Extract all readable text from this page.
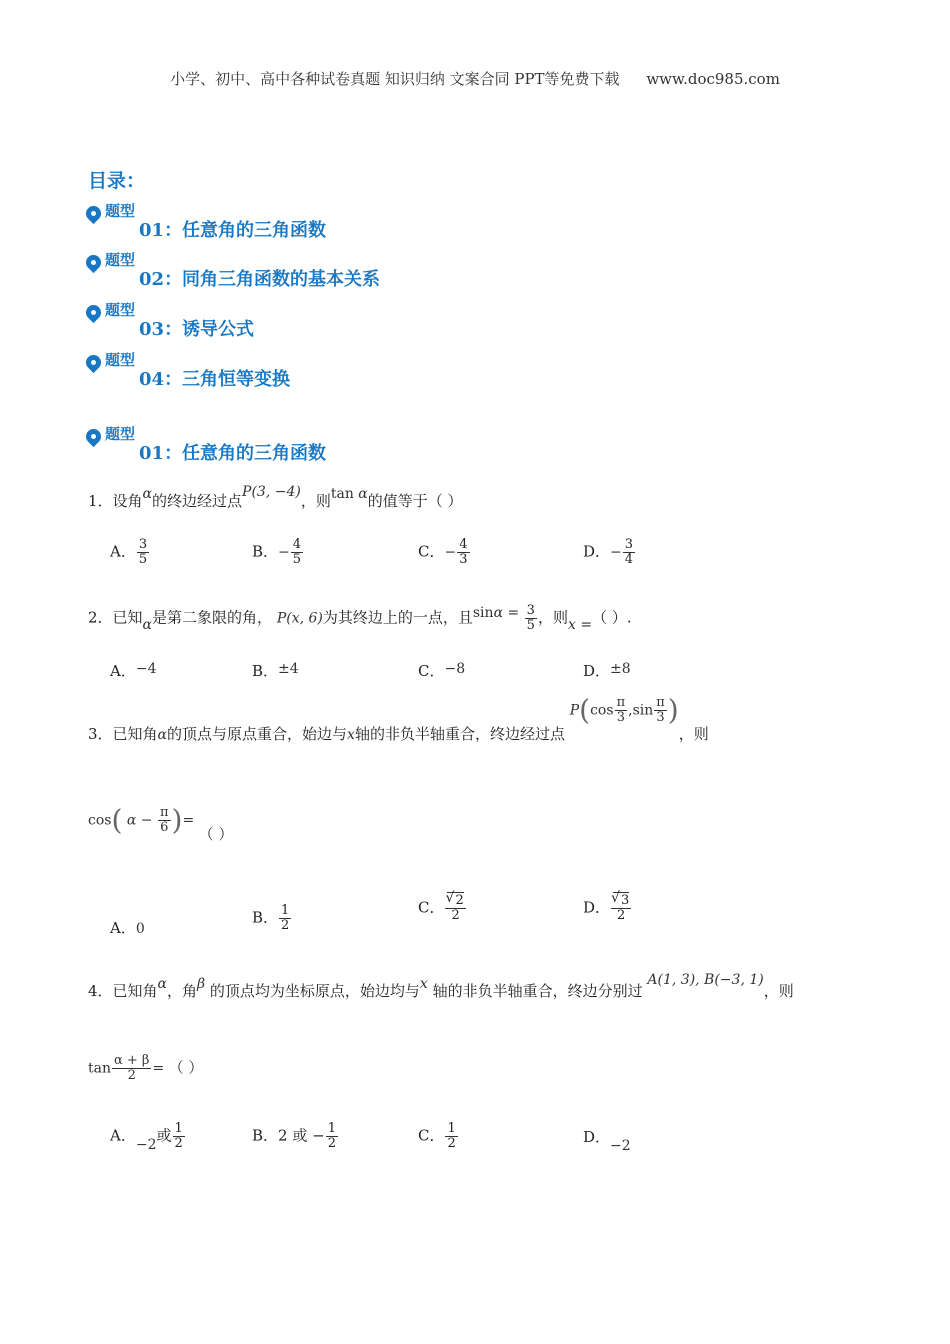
小学、初中、高中各种试卷真题 知识归纳 文案合同 PPT等免费下载 www.doc985.com
目录：
题型
01：任意角的三角函数
题型
02：同角三角函数的基本关系
题型
03：诱导公式
题型
04：三角恒等变换
题型
01：任意角的三角函数
1．设角α的终边经过点P(3, −4)，则tan α的值等于（ ）
A． $\frac{3}{5}$	B．− $\frac{4}{5}$	C．− $\frac{4}{3}$	D．− $\frac{3}{4}$
2．已知α是第二象限的角， P(x, 6)为其终边上的一点，且$\sin\alpha = \frac{3}{5}$ ，则x =（ ）.
A．−4	B．±4	C．−8	D．±8
3．已知角α的顶点与原点重合，始边与x轴的非负半轴重合，终边经过点 $P(\cos \frac{\pi}{3} ,\sin \frac{\pi}{3}$ )，则
cos( $\alpha - \frac{\pi}{6}$ )= （ ）
A．0
B． $\frac{1}{2}$	C． √ $\frac{2}{2}$	D． √ $\frac{3}{2}$
4．已知角α，角β 的顶点均为坐标原点，始边均与x 轴的非负半轴重合，终边分别过 A(1, 3), B(−3, 1)，则
$\tan \frac{\alpha + \beta}{2}$ = （ ）
A．−2或 $\frac{1}{2}$	B．2 或 − $\frac{1}{2}$	C． $\frac{1}{2}$	D．−2
